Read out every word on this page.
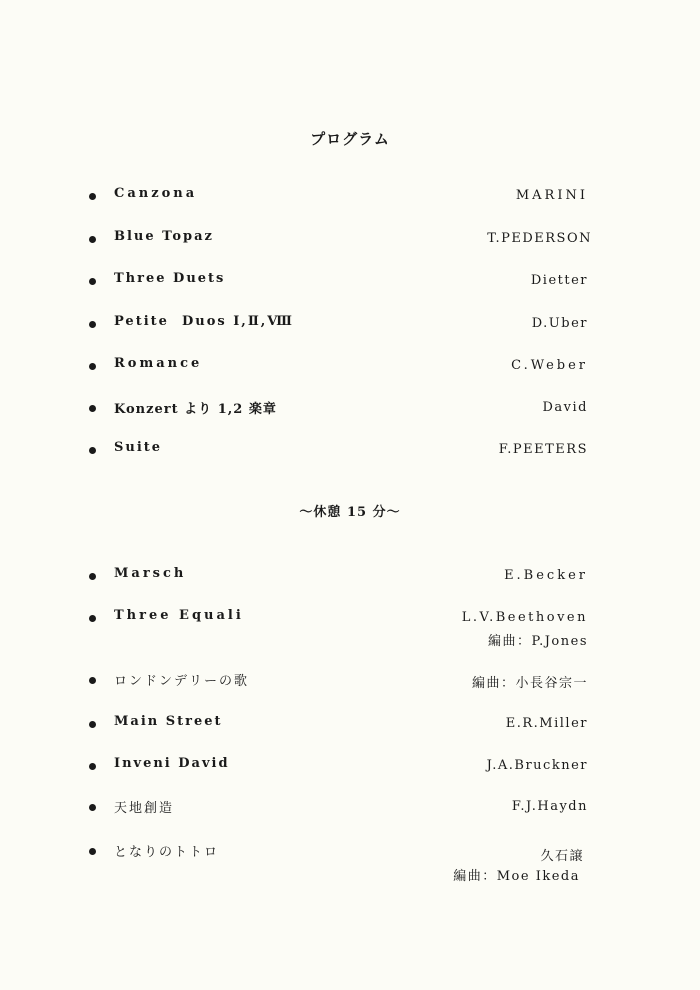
プログラム
Canzona	MARINI
Blue Topaz	T.PEDERSON
Three Duets	Dietter
Petite  Duos Ⅰ,Ⅱ,Ⅷ	D.Uber
Romance	C.Weber
Konzert より 1,2 楽章	David
Suite	F.PEETERS
～休憩 15 分～
Marsch	E.Becker
Three Equali	L.V.Beethoven
編曲：P.Jones
ロンドンデリーの歌	編曲：小長谷宗一
Main Street	E.R.Miller
Inveni David	J.A.Bruckner
天地創造	F.J.Haydn
となりのトトロ	久石譲
編曲：Moe Ikeda
